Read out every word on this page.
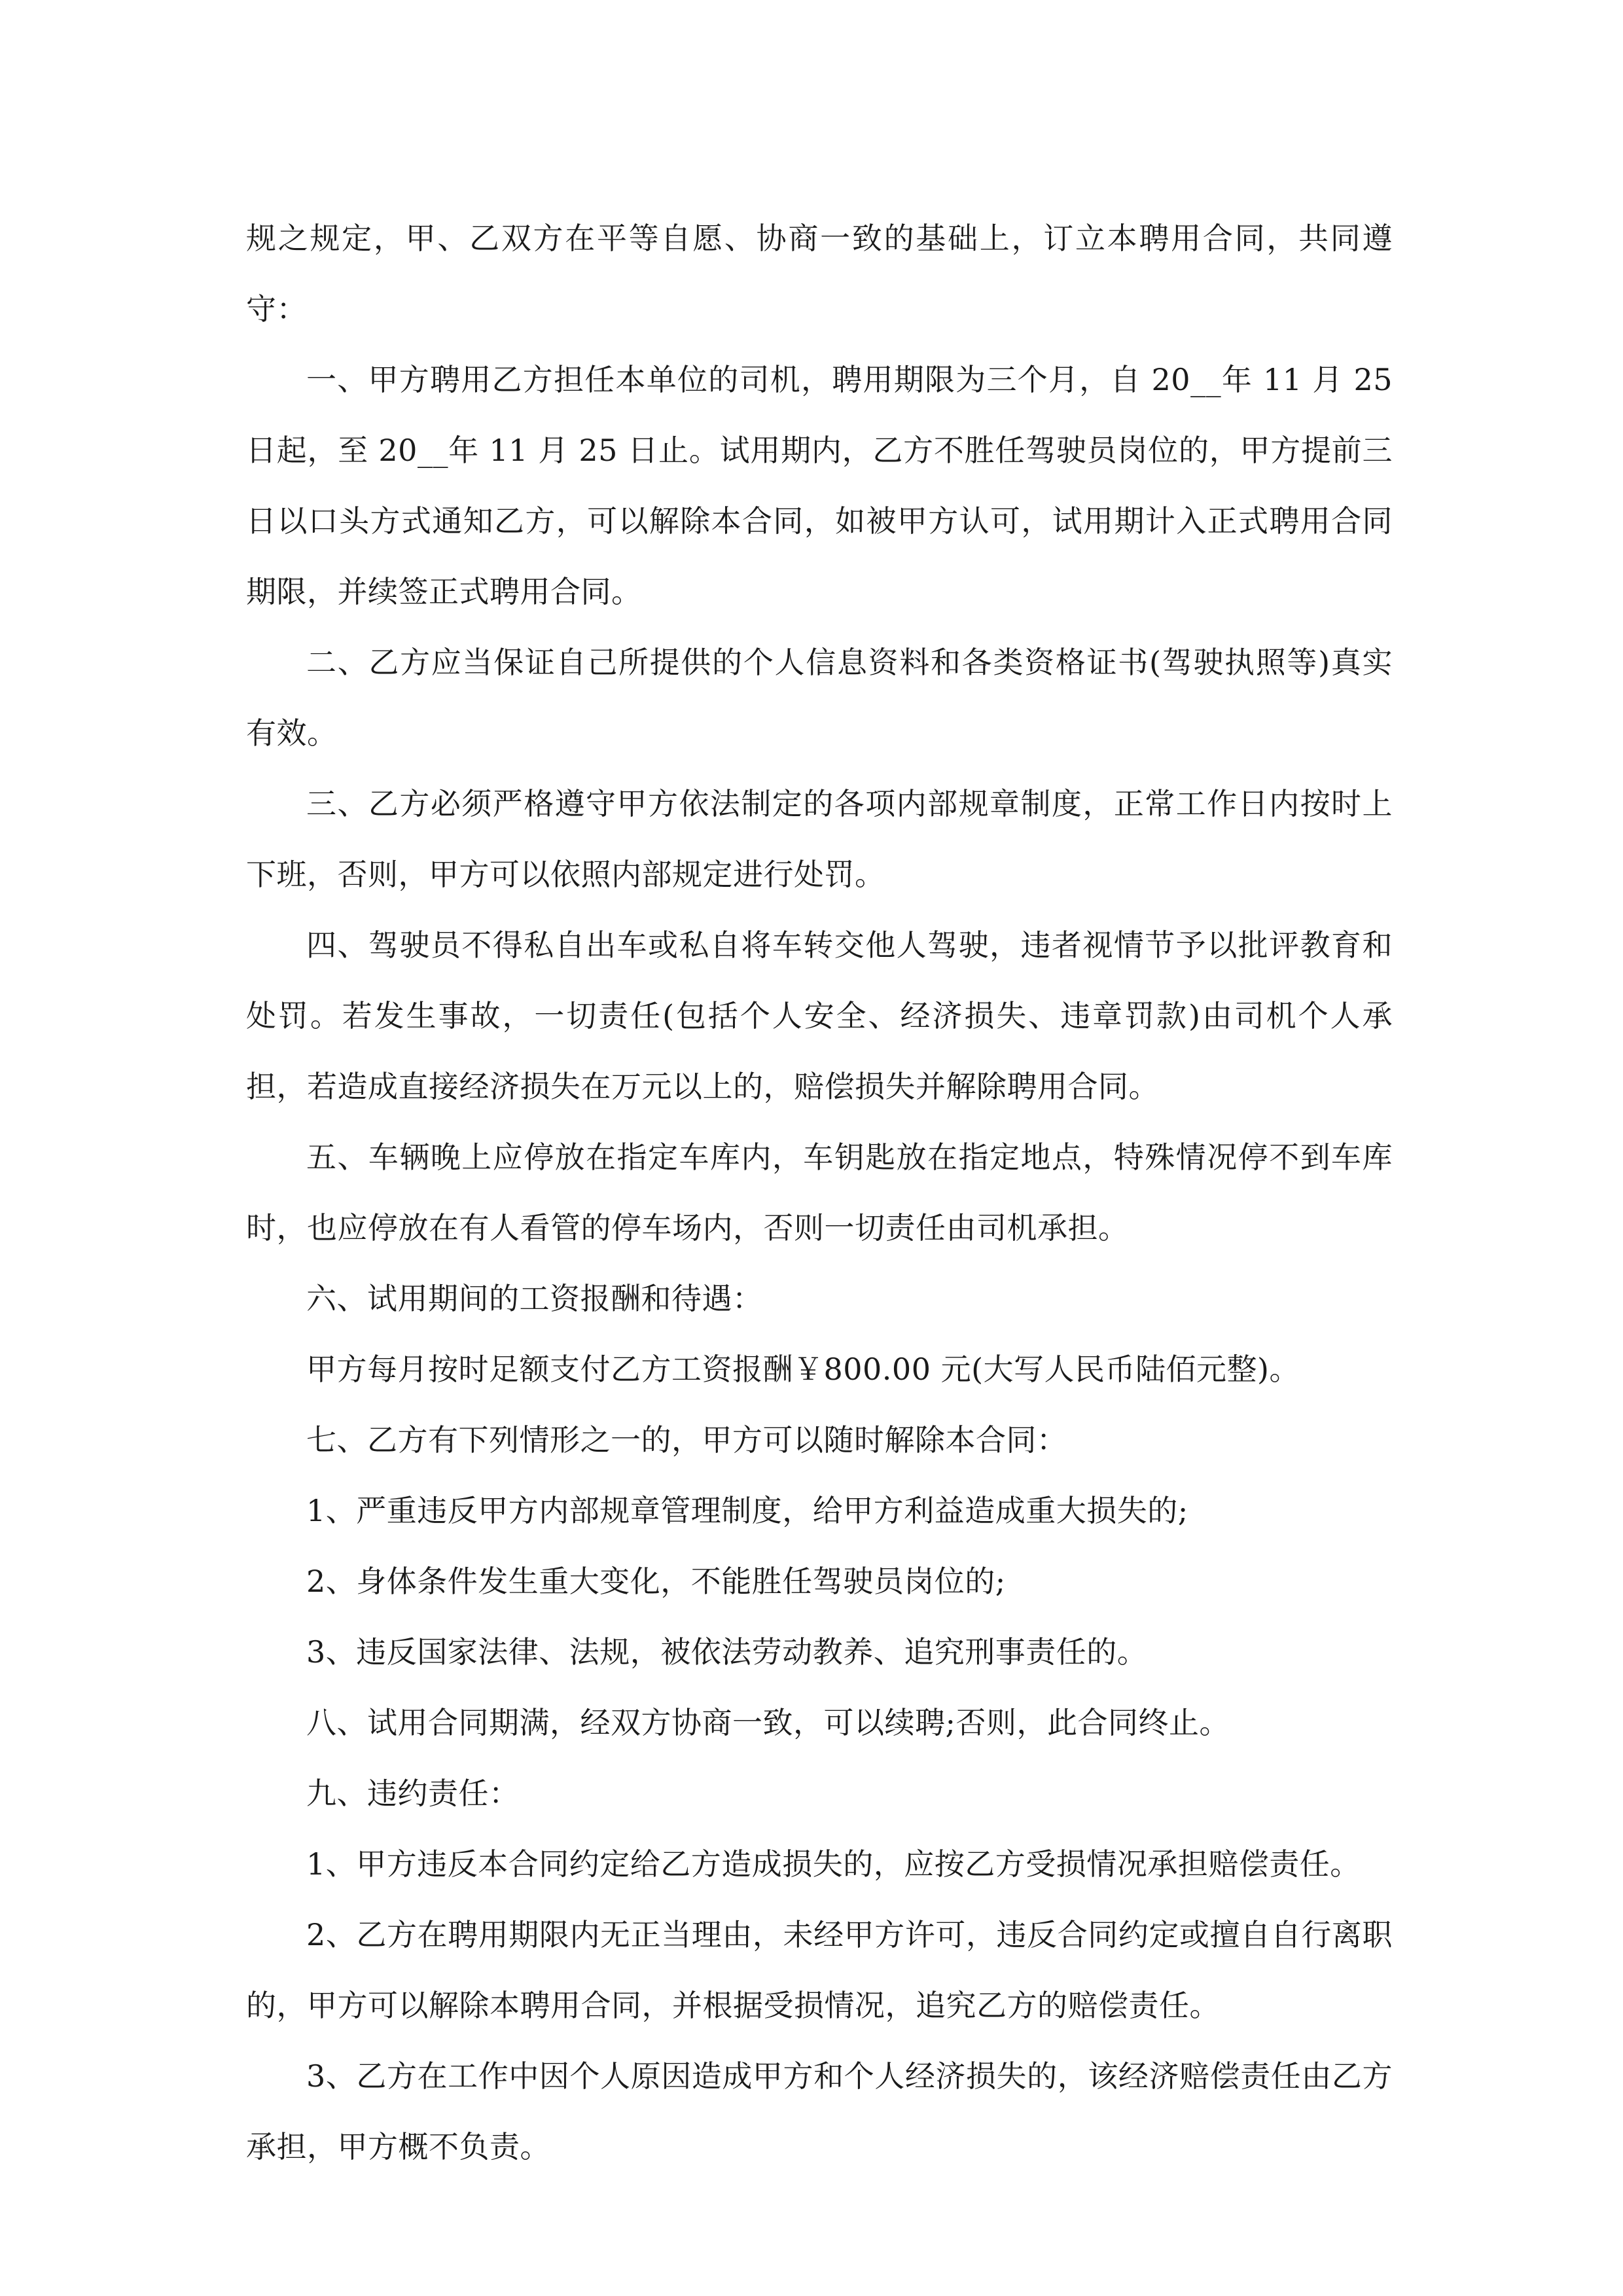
规之规定，甲、乙双方在平等自愿、协商一致的基础上，订立本聘用合同，共同遵守：

一、甲方聘用乙方担任本单位的司机，聘用期限为三个月，自 20__年 11 月 25 日起，至 20__年 11 月 25 日止。试用期内，乙方不胜任驾驶员岗位的，甲方提前三日以口头方式通知乙方，可以解除本合同，如被甲方认可，试用期计入正式聘用合同期限，并续签正式聘用合同。

二、乙方应当保证自己所提供的个人信息资料和各类资格证书(驾驶执照等)真实有效。

三、乙方必须严格遵守甲方依法制定的各项内部规章制度，正常工作日内按时上下班，否则，甲方可以依照内部规定进行处罚。

四、驾驶员不得私自出车或私自将车转交他人驾驶，违者视情节予以批评教育和处罚。若发生事故，一切责任(包括个人安全、经济损失、违章罚款)由司机个人承担，若造成直接经济损失在万元以上的，赔偿损失并解除聘用合同。

五、车辆晚上应停放在指定车库内，车钥匙放在指定地点，特殊情况停不到车库时，也应停放在有人看管的停车场内，否则一切责任由司机承担。

六、试用期间的工资报酬和待遇：

甲方每月按时足额支付乙方工资报酬￥800.00 元(大写人民币陆佰元整)。

七、乙方有下列情形之一的，甲方可以随时解除本合同：

1、严重违反甲方内部规章管理制度，给甲方利益造成重大损失的;

2、身体条件发生重大变化，不能胜任驾驶员岗位的;

3、违反国家法律、法规，被依法劳动教养、追究刑事责任的。

八、试用合同期满，经双方协商一致，可以续聘;否则，此合同终止。

九、违约责任：

1、甲方违反本合同约定给乙方造成损失的，应按乙方受损情况承担赔偿责任。

2、乙方在聘用期限内无正当理由，未经甲方许可，违反合同约定或擅自自行离职的，甲方可以解除本聘用合同，并根据受损情况，追究乙方的赔偿责任。

3、乙方在工作中因个人原因造成甲方和个人经济损失的，该经济赔偿责任由乙方承担，甲方概不负责。
